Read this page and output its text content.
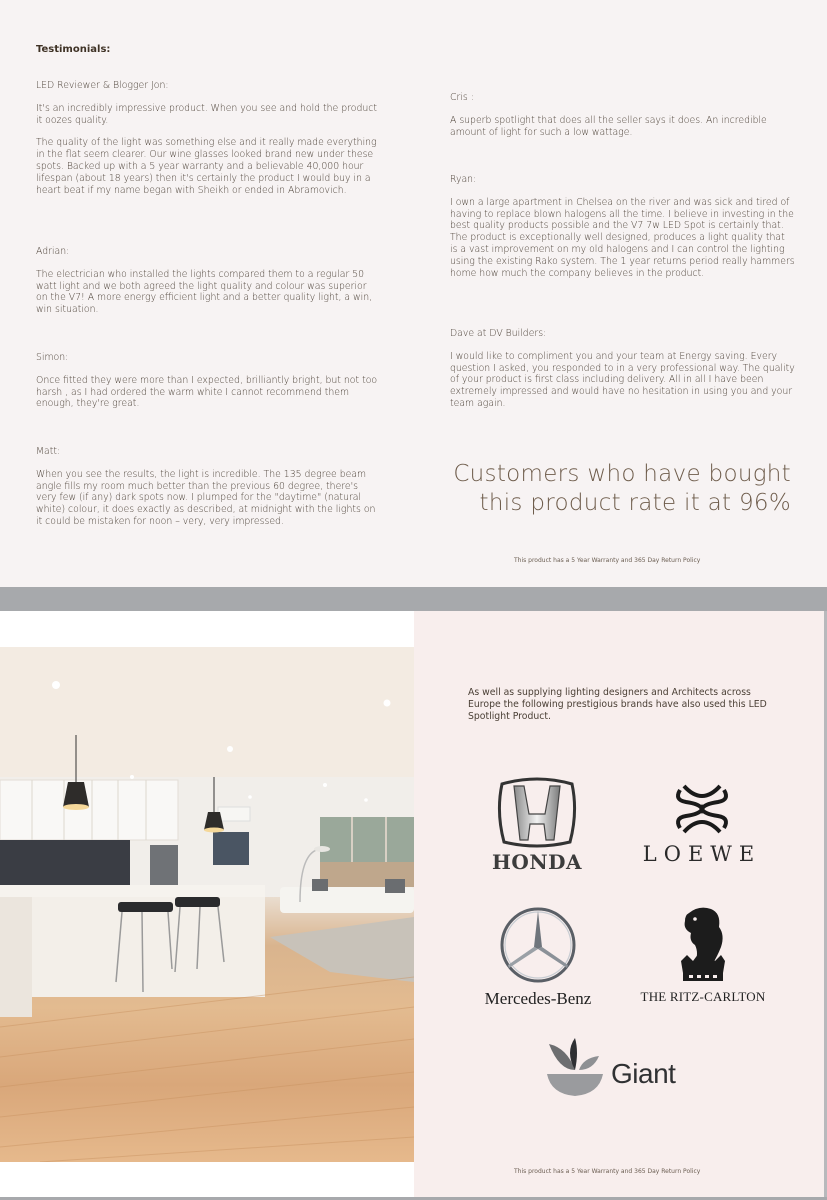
Testimonials:
LED Reviewer & Blogger Jon:

It's an incredibly impressive product. When you see and hold the product it oozes quality.

The quality of the light was something else and it really made everything in the flat seem clearer. Our wine glasses looked brand new under these spots. Backed up with a 5 year warranty and a believable 40,000 hour lifespan (about 18 years) then it's certainly the product I would buy in a heart beat if my name began with Sheikh or ended in Abramovich.

Adrian:

The electrician who installed the lights compared them to a regular 50 watt light and we both agreed the light quality and colour was superior on the V7! A more energy efficient light and a better quality light, a win, win situation.

Simon:

Once fitted they were more than I expected, brilliantly bright, but not too harsh , as I had ordered the warm white I cannot recommend them enough, they're great.

Matt:

When you see the results, the light is incredible. The 135 degree beam angle fills my room much better than the previous 60 degree, there's very few (if any) dark spots now. I plumped for the "daytime" (natural white) colour, it does exactly as described, at midnight with the lights on it could be mistaken for noon – very, very impressed.

Cris :

A superb spotlight that does all the seller says it does. An incredible amount of light for such a low wattage.

Ryan:

I own a large apartment in Chelsea on the river and was sick and tired of having to replace blown halogens all the time. I believe in investing in the best quality products possible and the V7 7w LED Spot is certainly that. The product is exceptionally well designed, produces a light quality that is a vast improvement on my old halogens and I can control the lighting using the existing Rako system. The 1 year returns period really hammers home how much the company believes in the product.

Dave at DV Builders:

I would like to compliment you and your team at Energy saving. Every question I asked, you responded to in a very professional way. The quality of your product is first class including delivery. All in all I have been extremely impressed and would have no hesitation in using you and your team again.

Customers who have bought
this product rate it at 96%
This product has a 5 Year Warranty and 365 Day Return Policy
As well as supplying lighting designers and Architects across Europe the following prestigious brands have also used this LED Spotlight Product.
HONDA	LOEWE
Mercedes-Benz	THE RITZ-CARLTON
Giant
This product has a 5 Year Warranty and 365 Day Return Policy
